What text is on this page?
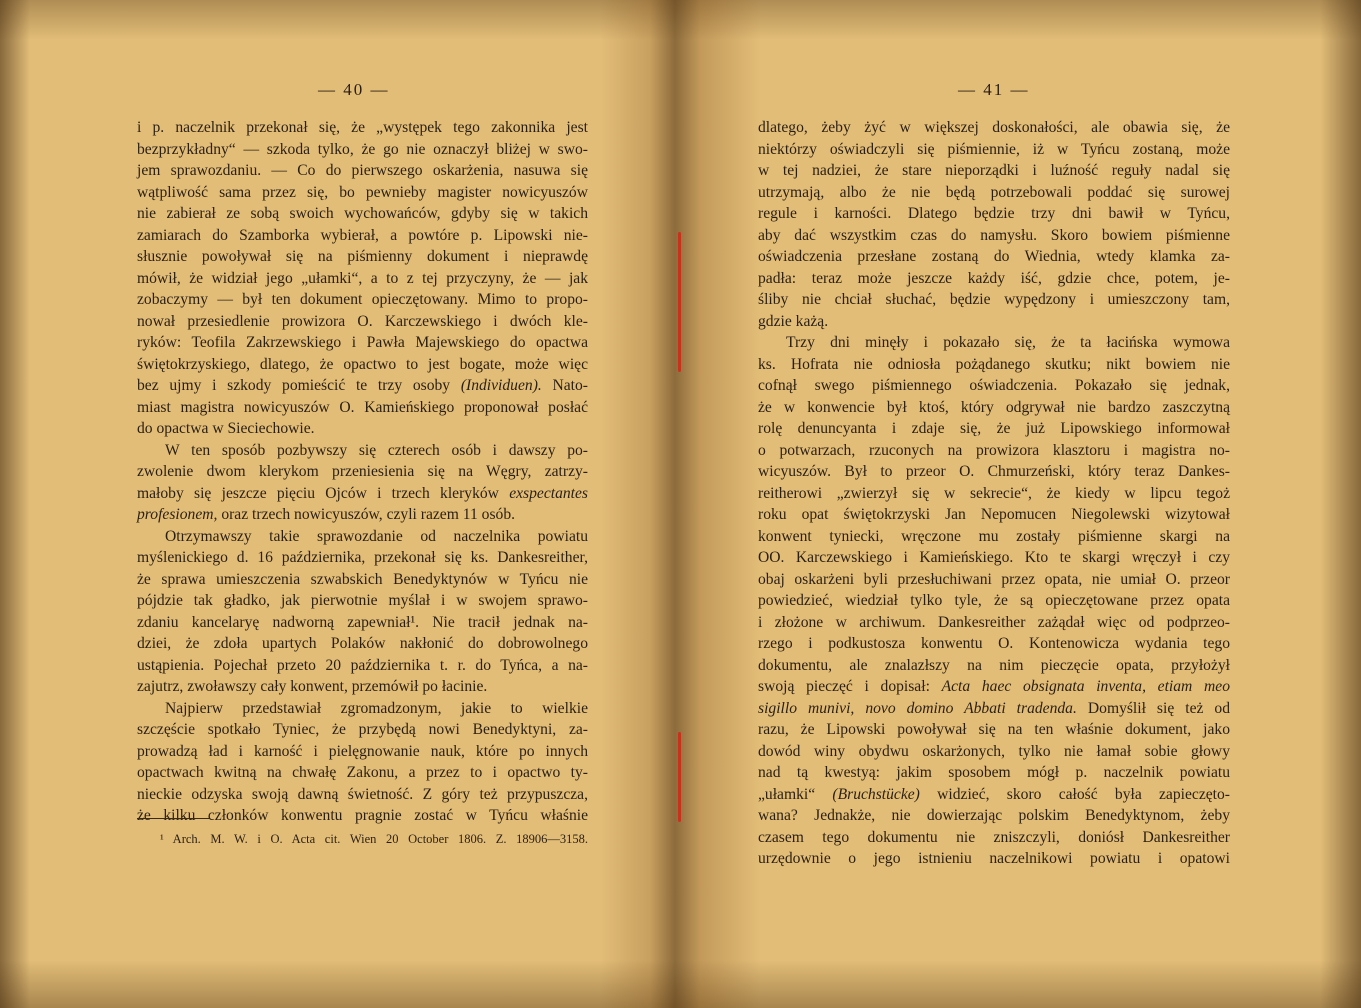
— 40 —
i p. naczelnik przekonał się, że „występek tego zakonnika jest
bezprzykładny“ — szkoda tylko, że go nie oznaczył bliżej w swo-
jem sprawozdaniu. — Co do pierwszego oskarżenia, nasuwa się
wątpliwość sama przez się, bo pewnieby magister nowicyuszów
nie zabierał ze sobą swoich wychowańców, gdyby się w takich
zamiarach do Szamborka wybierał, a powtóre p. Lipowski nie-
słusznie powoływał się na piśmienny dokument i nieprawdę
mówił, że widział jego „ułamki“, a to z tej przyczyny, że — jak
zobaczymy — był ten dokument opieczętowany. Mimo to propo-
nował przesiedlenie prowizora O. Karczewskiego i dwóch kle-
ryków: Teofila Zakrzewskiego i Pawła Majewskiego do opactwa
świętokrzyskiego, dlatego, że opactwo to jest bogate, może więc
bez ujmy i szkody pomieścić te trzy osoby (Individuen). Nato-
miast magistra nowicyuszów O. Kamieńskiego proponował posłać
do opactwa w Sieciechowie.
W ten sposób pozbywszy się czterech osób i dawszy po-
zwolenie dwom klerykom przeniesienia się na Węgry, zatrzy-
małoby się jeszcze pięciu Ojców i trzech kleryków exspectantes
profesionem, oraz trzech nowicyuszów, czyli razem 11 osób.
Otrzymawszy takie sprawozdanie od naczelnika powiatu
myślenickiego d. 16 października, przekonał się ks. Dankesreither,
że sprawa umieszczenia szwabskich Benedyktynów w Tyńcu nie
pójdzie tak gładko, jak pierwotnie myślał i w swojem sprawo-
zdaniu kancelaryę nadworną zapewniał¹. Nie tracił jednak na-
dziei, że zdoła upartych Polaków nakłonić do dobrowolnego
ustąpienia. Pojechał przeto 20 października t. r. do Tyńca, a na-
zajutrz, zwoławszy cały konwent, przemówił po łacinie.
Najpierw przedstawiał zgromadzonym, jakie to wielkie
szczęście spotkało Tyniec, że przybędą nowi Benedyktyni, za-
prowadzą ład i karność i pielęgnowanie nauk, które po innych
opactwach kwitną na chwałę Zakonu, a przez to i opactwo ty-
nieckie odzyska swoją dawną świetność. Z góry też przypuszcza,
że kilku członków konwentu pragnie zostać w Tyńcu właśnie
¹ Arch. M. W. i O. Acta cit. Wien 20 October 1806. Z. 18906—3158.
— 41 —
dlatego, żeby żyć w większej doskonałości, ale obawia się, że
niektórzy oświadczyli się piśmiennie, iż w Tyńcu zostaną, może
w tej nadziei, że stare nieporządki i luźność reguły nadal się
utrzymają, albo że nie będą potrzebowali poddać się surowej
regule i karności. Dlatego będzie trzy dni bawił w Tyńcu,
aby dać wszystkim czas do namysłu. Skoro bowiem piśmienne
oświadczenia przesłane zostaną do Wiednia, wtedy klamka za-
padła: teraz może jeszcze każdy iść, gdzie chce, potem, je-
śliby nie chciał słuchać, będzie wypędzony i umieszczony tam,
gdzie każą.
Trzy dni minęły i pokazało się, że ta łacińska wymowa
ks. Hofrata nie odniosła pożądanego skutku; nikt bowiem nie
cofnął swego piśmiennego oświadczenia. Pokazało się jednak,
że w konwencie był ktoś, który odgrywał nie bardzo zaszczytną
rolę denuncyanta i zdaje się, że już Lipowskiego informował
o potwarzach, rzuconych na prowizora klasztoru i magistra no-
wicyuszów. Był to przeor O. Chmurzeński, który teraz Dankes-
reitherowi „zwierzył się w sekrecie“, że kiedy w lipcu tegoż
roku opat świętokrzyski Jan Nepomucen Niegolewski wizytował
konwent tyniecki, wręczone mu zostały piśmienne skargi na
OO. Karczewskiego i Kamieńskiego. Kto te skargi wręczył i czy
obaj oskarżeni byli przesłuchiwani przez opata, nie umiał O. przeor
powiedzieć, wiedział tylko tyle, że są opieczętowane przez opata
i złożone w archiwum. Dankesreither zażądał więc od podprzeo-
rzego i podkustosza konwentu O. Kontenowicza wydania tego
dokumentu, ale znalazłszy na nim pieczęcie opata, przyłożył
swoją pieczęć i dopisał: Acta haec obsignata inventa, etiam meo
sigillo munivi, novo domino Abbati tradenda. Domyślił się też od
razu, że Lipowski powoływał się na ten właśnie dokument, jako
dowód winy obydwu oskarżonych, tylko nie łamał sobie głowy
nad tą kwestyą: jakim sposobem mógł p. naczelnik powiatu
„ułamki“ (Bruchstücke) widzieć, skoro całość była zapieczęto-
wana? Jednakże, nie dowierzając polskim Benedyktynom, żeby
czasem tego dokumentu nie zniszczyli, doniósł Dankesreither
urzędownie o jego istnieniu naczelnikowi powiatu i opatowi
